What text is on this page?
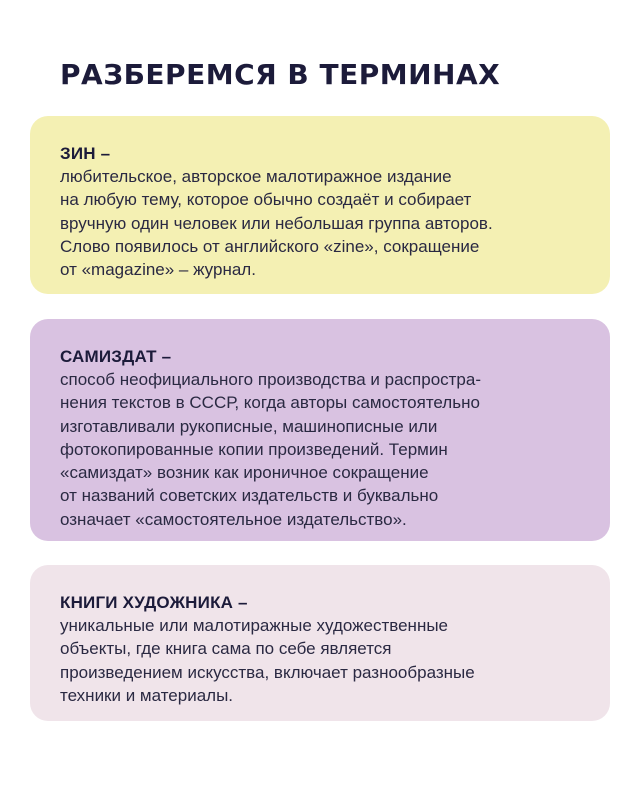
РАЗБЕРЕМСЯ В ТЕРМИНАХ
ЗИН –

любительское, авторское малотиражное издание
на любую тему, которое обычно создаёт и собирает
вручную один человек или небольшая группа авторов.
Слово появилось от английского «zine», сокращение
от «magazine» – журнал.

САМИЗДАТ –

способ неофициального производства и распростра-
нения текстов в СССР, когда авторы самостоятельно
изготавливали рукописные, машинописные или
фотокопированные копии произведений. Термин
«самиздат» возник как ироничное сокращение
от названий советских издательств и буквально
означает «самостоятельное издательство».

КНИГИ ХУДОЖНИКА –

уникальные или малотиражные художественные
объекты, где книга сама по себе является
произведением искусства, включает разнообразные
техники и материалы.
